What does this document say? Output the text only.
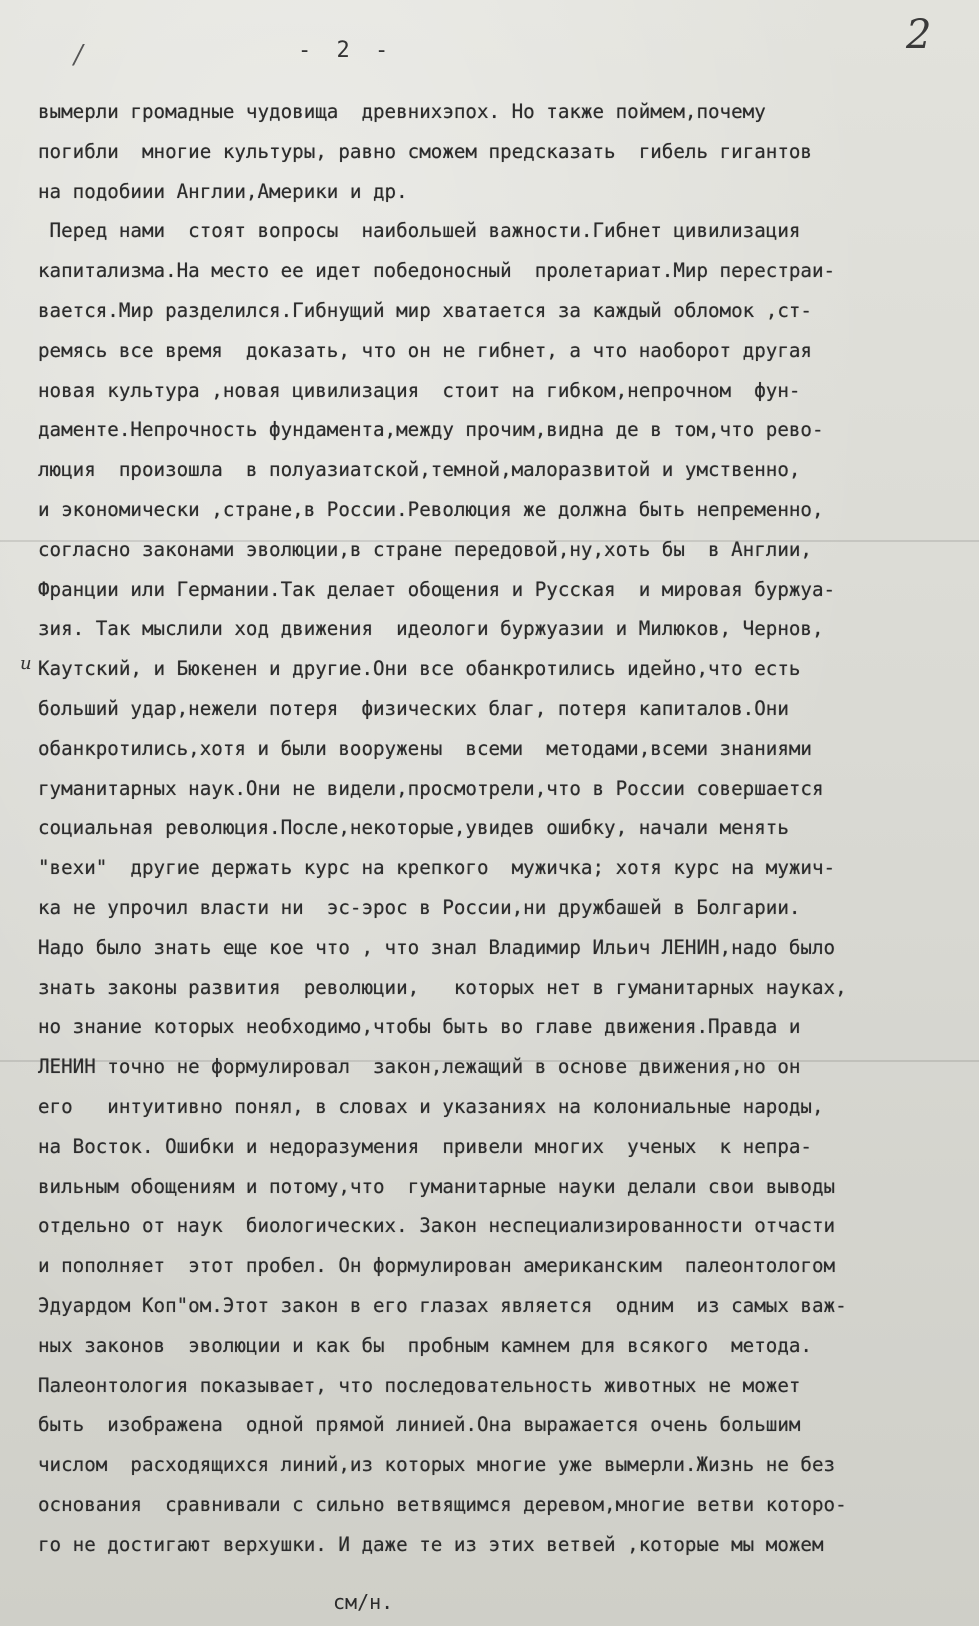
/	- 2 -	2
и
вымерли громадные чудовища  древнихэпох. Но также поймем,почему
погибли  многие культуры, равно сможем предсказать  гибель гигантов
на подобиии Англии,Америки и др.
Перед нами  стоят вопросы  наибольшей важности.Гибнет цивилизация
капитализма.На место ее идет победоносный  пролетариат.Мир перестраи-
вается.Мир разделился.Гибнущий мир хватается за каждый обломок ,ст-
ремясь все время  доказать, что он не гибнет, а что наоборот другая
новая культура ,новая цивилизация  стоит на гибком,непрочном  фун-
даменте.Непрочность фундамента,между прочим,видна де в том,что рево-
люция  произошла  в полуазиатской,темной,малоразвитой и умственно,
и экономически ,стране,в России.Революция же должна быть непременно,
согласно законами эволюции,в стране передовой,ну,хоть бы  в Англии,
Франции или Германии.Так делает обощения и Русская  и мировая буржуа-
зия. Так мыслили ход движения  идеологи буржуазии и Милюков, Чернов,
Каутский, и Бюкенен и другие.Они все обанкротились идейно,что есть
больший удар,нежели потеря  физических благ, потеря капиталов.Они
обанкротились,хотя и были вооружены  всеми  методами,всеми знаниями
гуманитарных наук.Они не видели,просмотрели,что в России совершается
социальная революция.После,некоторые,увидев ошибку, начали менять
"вехи"  другие держать курс на крепкого  мужичка; хотя курс на мужич-
ка не упрочил власти ни  эс-эрос в России,ни дружбашей в Болгарии.
Надо было знать еще кое что , что знал Владимир Ильич ЛЕНИН,надо было
знать законы развития  революции,   которых нет в гуманитарных науках,
но знание которых необходимо,чтобы быть во главе движения.Правда и
ЛЕНИН точно не формулировал  закон,лежащий в основе движения,но он
его   интуитивно понял, в словах и указаниях на колониальные народы,
на Восток. Ошибки и недоразумения  привели многих  ученых  к непра-
вильным обощениям и потому,что  гуманитарные науки делали свои выводы
отдельно от наук  биологических. Закон неспециализированности отчасти
и пополняет  этот пробел. Он формулирован американским  палеонтологом
Эдуардом Коп"ом.Этот закон в его глазах является  одним  из самых важ-
ных законов  эволюции и как бы  пробным камнем для всякого  метода.
Палеонтология показывает, что последовательность животных не может
быть  изображена  одной прямой линией.Она выражается очень большим
числом  расходящихся линий,из которых многие уже вымерли.Жизнь не без
основания  сравнивали с сильно ветвящимся деревом,многие ветви которо-
го не достигают верхушки. И даже те из этих ветвей ,которые мы можем
см/н.
